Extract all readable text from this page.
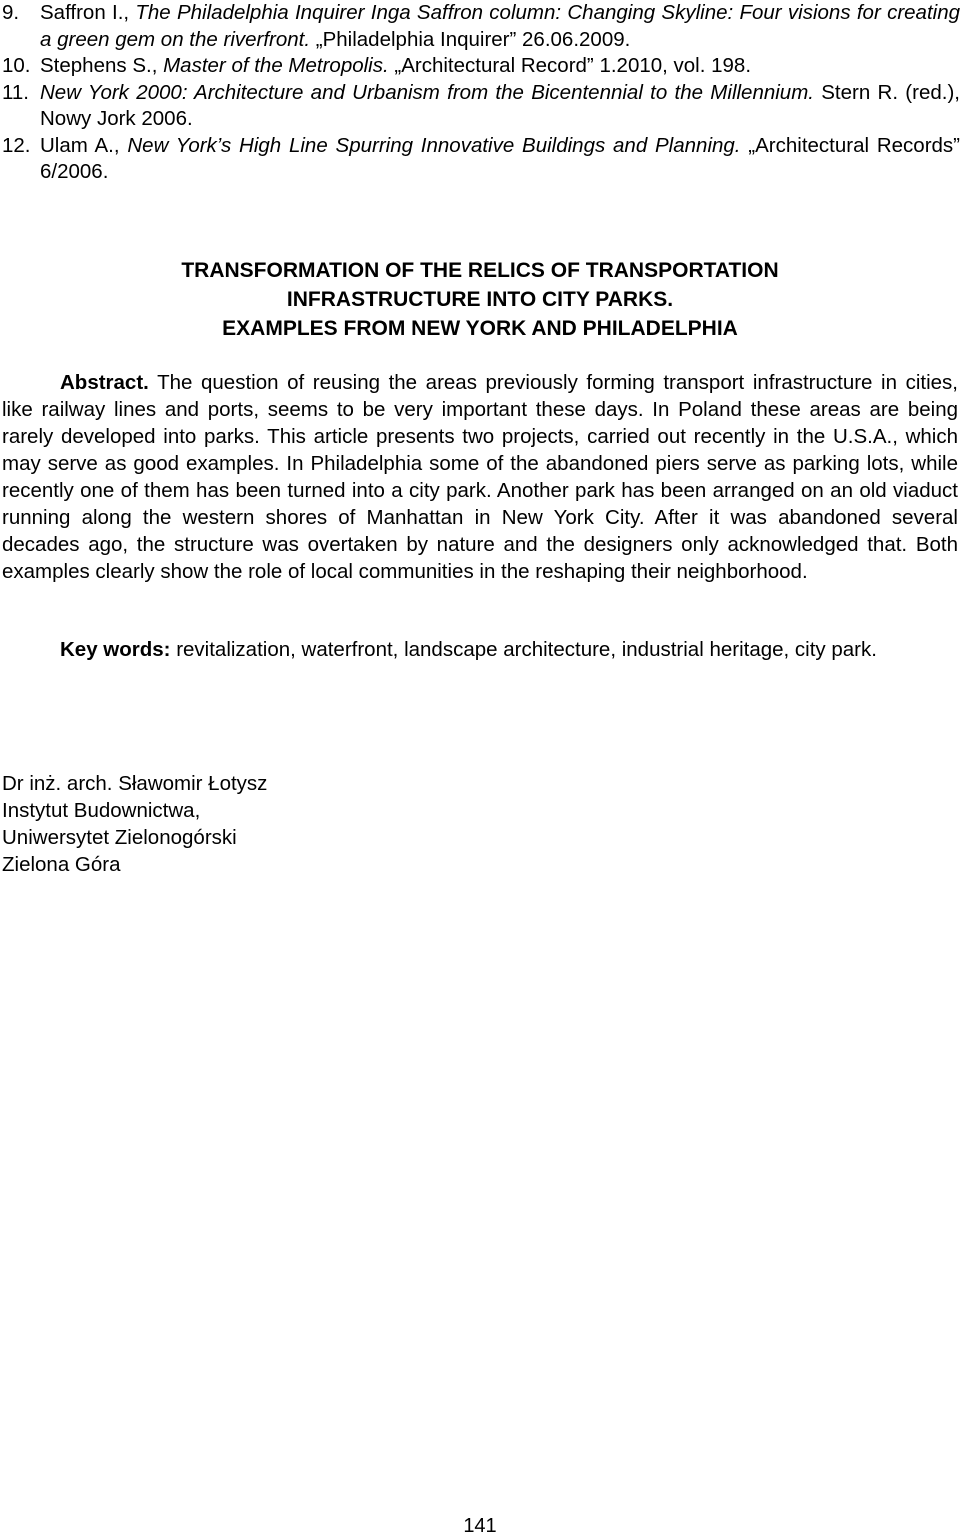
9. Saffron I., The Philadelphia Inquirer Inga Saffron column: Changing Skyline: Four visions for creating a green gem on the riverfront. „Philadelphia Inquirer” 26.06.2009.
10. Stephens S., Master of the Metropolis. „Architectural Record” 1.2010, vol. 198.
11. New York 2000: Architecture and Urbanism from the Bicentennial to the Millennium. Stern R. (red.), Nowy Jork 2006.
12. Ulam A., New York’s High Line Spurring Innovative Buildings and Planning. „Architectural Records” 6/2006.
TRANSFORMATION OF THE RELICS OF TRANSPORTATION
INFRASTRUCTURE INTO CITY PARKS.
EXAMPLES FROM NEW YORK AND PHILADELPHIA
Abstract. The question of reusing the areas previously forming transport infrastructure in cities, like railway lines and ports, seems to be very important these days. In Poland these areas are being rarely developed into parks. This article presents two projects, carried out recently in the U.S.A., which may serve as good examples. In Philadelphia some of the abandoned piers serve as parking lots, while recently one of them has been turned into a city park. Another park has been arranged on an old viaduct running along the western shores of Manhattan in New York City. After it was abandoned several decades ago, the structure was overtaken by nature and the designers only acknowledged that. Both examples clearly show the role of local communities in the reshaping their neighborhood.
Key words: revitalization, waterfront, landscape architecture, industrial heritage, city park.
Dr inż. arch. Sławomir Łotysz
Instytut Budownictwa,
Uniwersytet Zielonogórski
Zielona Góra
141
